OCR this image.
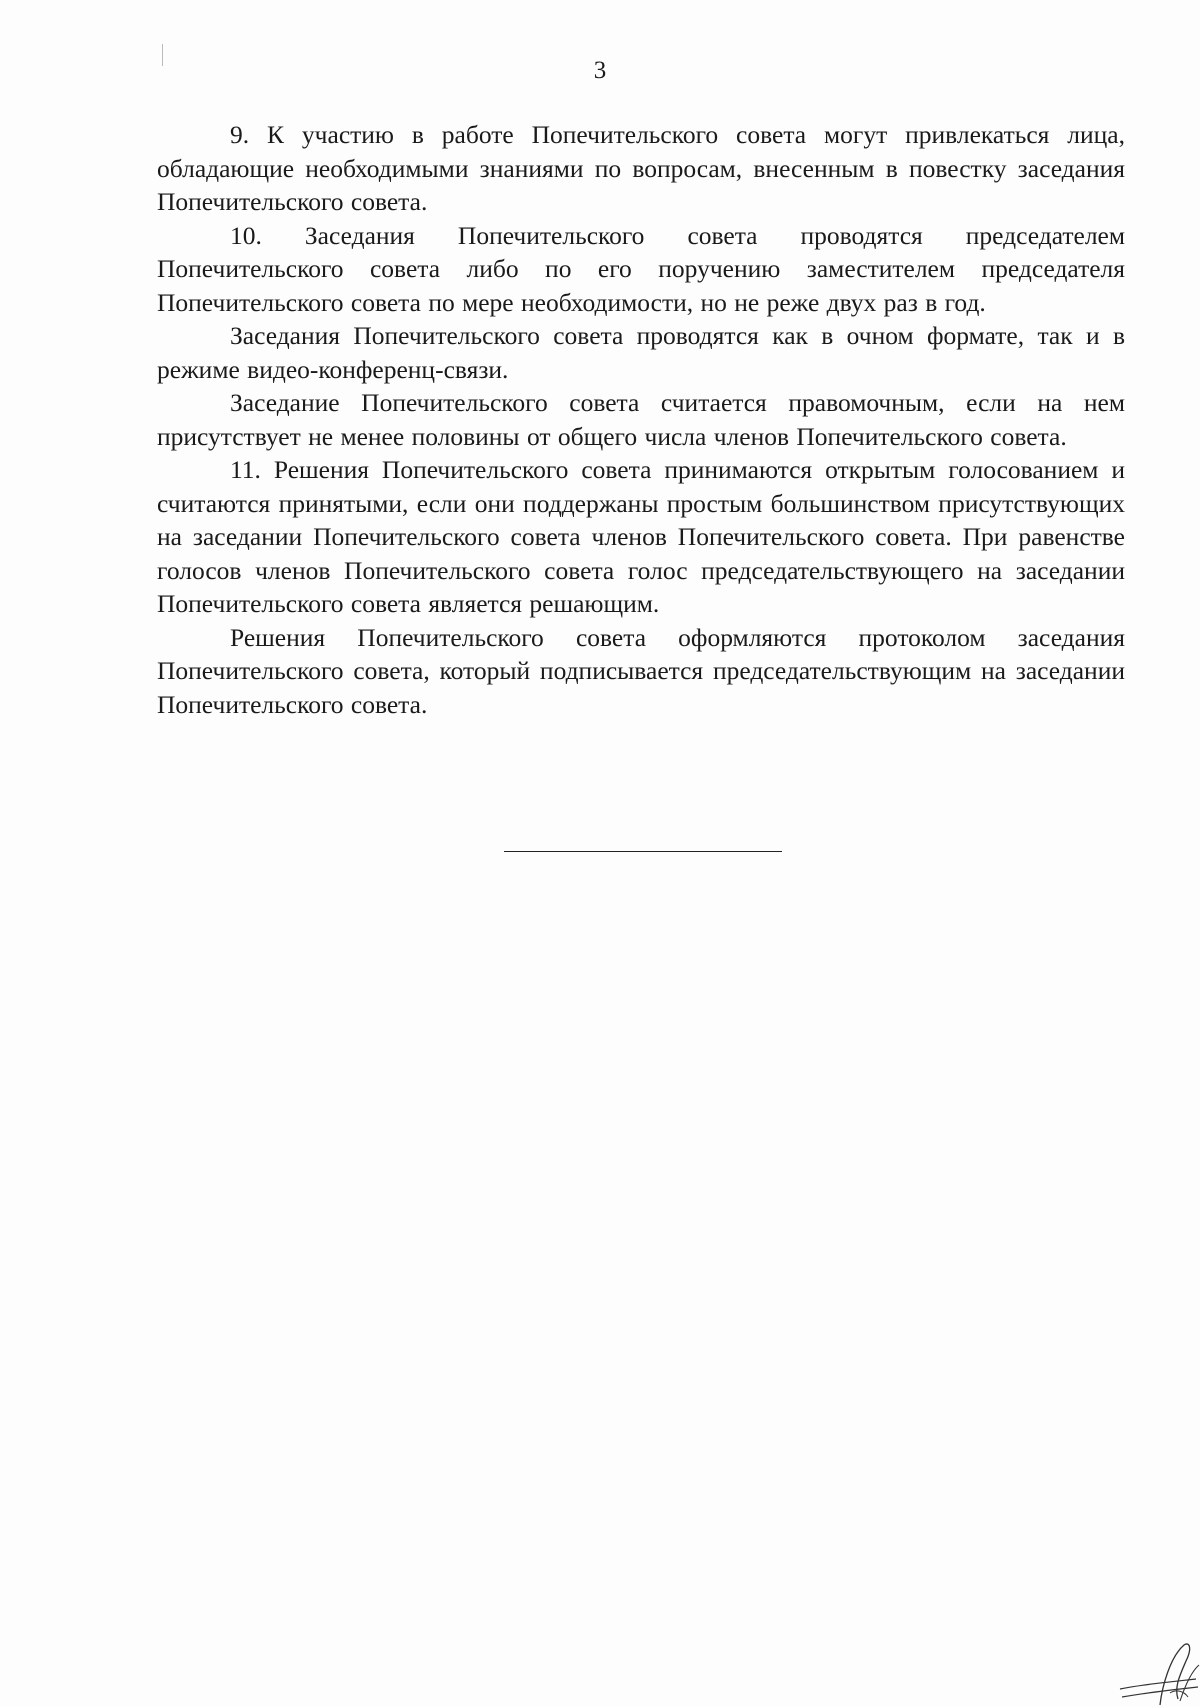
3

9. К участию в работе Попечительского совета могут привлекаться лица, обладающие необходимыми знаниями по вопросам, внесенным в повестку заседания Попечительского совета.

10. Заседания Попечительского совета проводятся председателем Попечительского совета либо по его поручению заместителем председателя Попечительского совета по мере необходимости, но не реже двух раз в год.

Заседания Попечительского совета проводятся как в очном формате, так и в режиме видео-конференц-связи.

Заседание Попечительского совета считается правомочным, если на нем присутствует не менее половины от общего числа членов Попечительского совета.

11. Решения Попечительского совета принимаются открытым голосованием и считаются принятыми, если они поддержаны простым большинством присутствующих на заседании Попечительского совета членов Попечительского совета. При равенстве голосов членов Попечительского совета голос председательствующего на заседании Попечительского совета является решающим.

Решения Попечительского совета оформляются протоколом заседания Попечительского совета, который подписывается председательствующим на заседании Попечительского совета.
